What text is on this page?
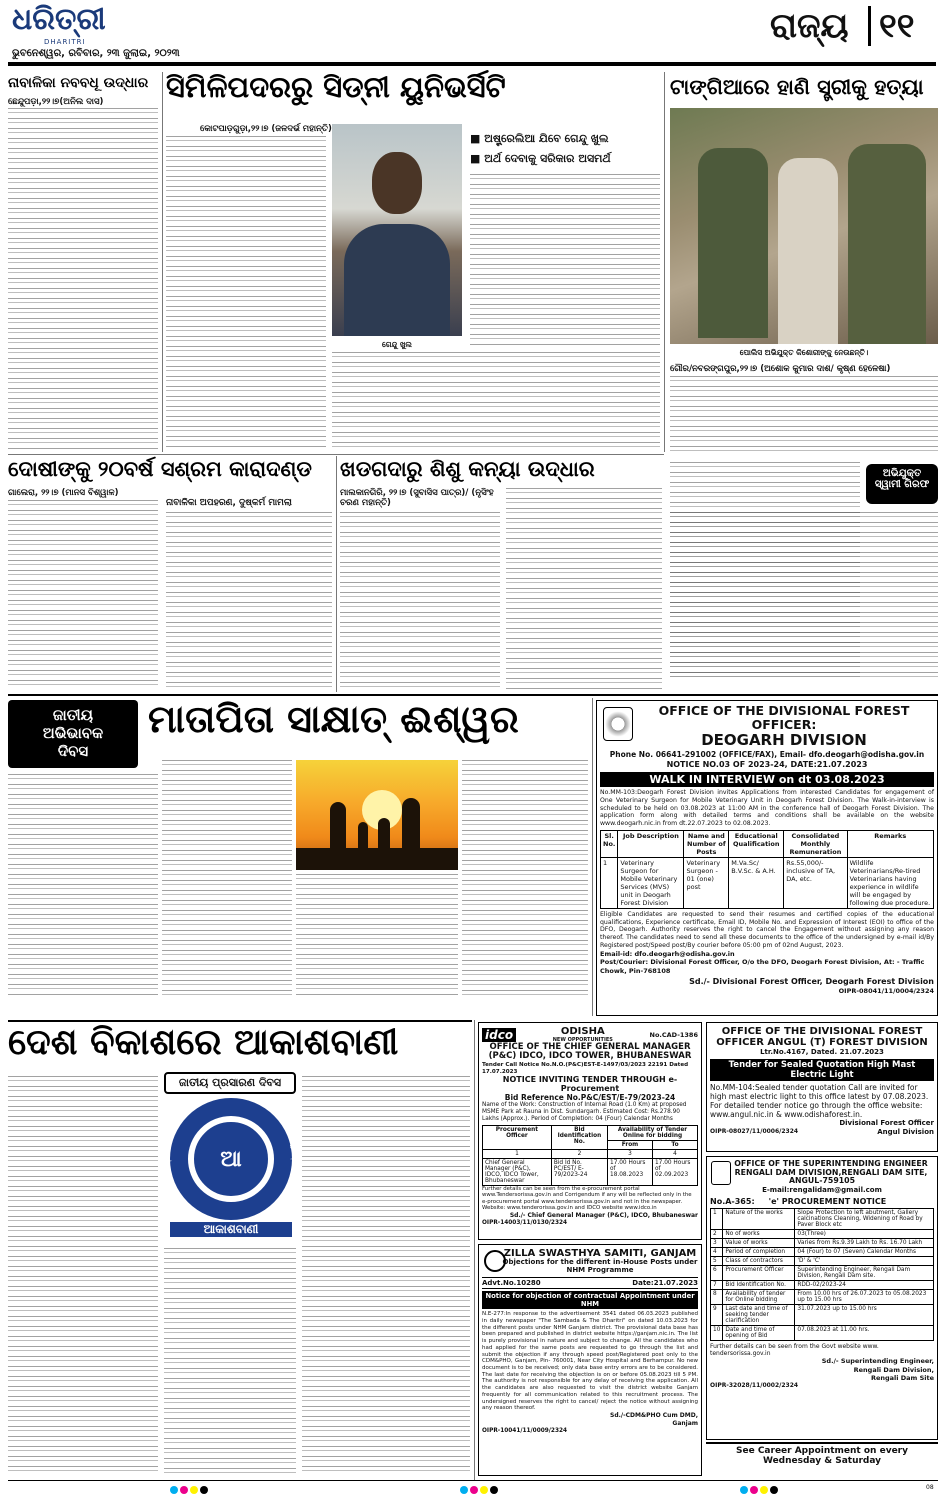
ଧରିତ୍ରୀ
DHARITRI
ଭୁବନେଶ୍ୱର, ରବିବାର, ୨୩ ଜୁଲାଇ, ୨୦୨୩
ରାଜ୍ୟ ୧୧
ନାବାଳିକା ନବବଧୂ ଉଦ୍ଧାର
ଛେନ୍ଦୁପଡ଼ା,୨୨।୭(ଅନିଲ ଦାସ)	ସିମିଳିପଦରରୁ ସିଡ୍‌ନୀ ୟୁନିଭର୍ସିଟି
କୋଟପାଡ଼ଗୁଡ଼ା,୨୨।୭ (ଜଳଦର୍ଭ ମହାନ୍ତି)
ଗେନ୍ଦୁ ଖୁଲ
■ ଅଷ୍ଟ୍ରେଲିଆ ଯିବେ ଗେନ୍ଦୁ ଖୁଲ
■ ଅର୍ଥ ଦେବାକୁ ସରିକାର ଅସମର୍ଥ
ଟାଙ୍ଗିଆରେ ହାଣି ସ୍ତ୍ରୀକୁ ହତ୍ୟା
ପୋଲିସ ଅଭିଯୁକ୍ତ କିଶୋରୀଙ୍କୁ ନେଉଛନ୍ତି।
ଗୌର/ନବରଙ୍ଗପୁର,୨୨।୭ (ଅଶୋକ କୁମାର ଦାଶ/ କୃଷ୍ଣ ହେଳେଷା)
ଅଭିଯୁକ୍ତ
ସ୍ୱାମୀ ଗିରଫ
ଦୋଷୀଙ୍କୁ ୨୦ବର୍ଷ ସଶ୍ରମ କାରାଦଣ୍ଡ
ଗାଲେରା, ୨୨।୭ (ମାନସ ବିଶ୍ୱାଳ)
ନାବାଳିକା ଅପହରଣ, ଦୁଷ୍କର୍ମ ମାମଲା
ଖଡଗଦାରୁ ଶିଶୁ କନ୍ୟା ଉଦ୍ଧାର
ମାଲକାନଗିରି, ୨୨।୭ (ସୁବାସିସ ପାତ୍ର)/ (ନୃସିଂହ ଚରଣ ମହାନ୍ତି)
ଜାତୀୟ
ଅଭିଭାବକ
ଦିବସ
ମାତାପିତା ସାକ୍ଷାତ୍ ଈଶ୍ୱର	OFFICE OF THE DIVISIONAL FOREST OFFICER:
DEOGARH DIVISION
Phone No. 06641-291002 (OFFICE/FAX), Email- dfo.deogarh@odisha.gov.in
NOTICE NO.03 OF 2023-24, DATE:21.07.2023
WALK IN INTERVIEW on dt 03.08.2023
No.MM-103:Deogarh Forest Division invites Applications from interested Candidates for engagement of One Veterinary Surgeon for Mobile Veterinary Unit in Deogarh Forest Division. The Walk-in-interview is scheduled to be held on 03.08.2023 at 11:00 AM in the conference hall of Deogarh Forest Division. The application form along with detailed terms and conditions shall be available on the website www.deogarh.nic.in from dt.22.07.2023 to 02.08.2023.
Sl. No.	Job Description	Name and Number of Posts	Educational Qualification	Consolidated Monthly Remuneration	Remarks
1	Veterinary Surgeon for Mobile Veterinary Services (MVS) unit in Deogarh Forest Division	Veterinary Surgeon - 01 (one) post	M.Va.Sc/ B.V.Sc. & A.H.	Rs.55,000/- inclusive of TA, DA, etc.	Wildlife Veterinarians/Re-tired Veterinarians having experience in wildlife will be engaged by following due procedure.
Eligible Candidates are requested to send their resumes and certified copies of the educational qualifications, Experience certificate, Email ID, Mobile No. and Expression of Interest (EOI) to office of the DFO, Deogarh. Authority reserves the right to cancel the Engagement without assigning any reason thereof. The candidates need to send all these documents to the office of the undersigned by e-mail id/By Registered post/Speed post/By courier before 05:00 pm of 02nd August, 2023.
Email-id: dfo.deogarh@odisha.gov.in
Post/Courier: Divisional Forest Officer, O/o the DFO, Deogarh Forest Division, At: - Traffic Chowk, Pin-768108
Sd./- Divisional Forest Officer, Deogarh Forest Division
OIPR-08041/11/0004/2324
ଦେଶ ବିକାଶରେ ଆକାଶବାଣୀ
ଜାତୀୟ ପ୍ରସାରଣ ଦିବସ
ଆ
ବହୁଜନ ହିତାୟ
ବହୁଜନ ସୁଖାୟ
ଆକାଶବାଣୀ
idco	ODISHA
NEW OPPORTUNITIES
No.CAD-1386
OFFICE OF THE CHIEF GENERAL MANAGER (P&C) IDCO, IDCO TOWER, BHUBANESWAR
Tender Call Notice No.N.O.(P&C)EST-E-1497/03/2023 22191 Dated 17.07.2023
NOTICE INVITING TENDER THROUGH e-Procurement
Bid Reference No.P&C/EST/E-79/2023-24
Name of the Work: Construction of Internal Road (1.0 Km) at proposed MSME Park at Rauna in Dist. Sundargarh. Estimated Cost: Rs.278.90 Lakhs (Approx.). Period of Completion: 04 (Four) Calendar Months
Procurement Officer	Bid Identification No.	Availability of Tender Online for bidding	
		From	To
1	2	3	4
Chief General Manager (P&C), IDCO, IDCO Tower, Bhubaneswar	Bid Id No. PC/EST/ E-79/2023-24	17.00 Hours of 18.08.2023	17.00 Hours of 02.09.2023
Further details can be seen from the e-procurement portal www.Tendersorissa.gov.in and Corrigendum if any will be reflected only in the e-procurement portal www.tendersorissa.gov.in and not in the newspaper. Website: www.tenderorissa.gov.in and IDCO website www.idco.in
Sd./- Chief General Manager (P&C), IDCO, Bhubaneswar
OIPR-14003/11/0130/2324
ZILLA SWASTHYA SAMITI, GANJAM
Objections for the different in-House Posts under NHM Programme
Advt.No.10280	Date:21.07.2023
Notice for objection of contractual Appointment under NHM
N.E-277:In response to the advertisement 3541 dated 06.03.2023 published in daily newspaper "The Sambada & The Dharitri" on dated 10.03.2023 for the different posts under NHM Ganjam district. The provisional data base has been prepared and published in district website https://ganjam.nic.in. The list is purely provisional in nature and subject to change. All the candidates who had applied for the same posts are requested to go through the list and submit the objection if any through speed post/Registered post only to the CDM&PHO, Ganjam, Pin- 760001, Near City Hospital and Berhampur. No new document is to be received; only data base entry errors are to be considered. The last date for receiving the objection is on or before 05.08.2023 till 5 PM. The authority is not responsible for any delay of receiving the application. All the candidates are also requested to visit the district website Ganjam frequently for all communication related to this recruitment process. The undersigned reserves the right to cancel/ reject the notice without assigning any reason thereof.
Sd./-CDM&PHO Cum DMD,
Ganjam
OIPR-10041/11/0009/2324
OFFICE OF THE DIVISIONAL FOREST OFFICER ANGUL (T) FOREST DIVISION
Ltr.No.4167, Dated. 21.07.2023
Tender for Sealed Quotation High Mast Electric Light
No.MM-104:Sealed tender quotation Call are invited for high mast electric light to this office latest by 07.08.2023. For detailed tender notice go through the office website: www.angul.nic.in & www.odishaforest.in.
Divisional Forest Officer
OIPR-08027/11/0006/2324	Angul Division
OFFICE OF THE SUPERINTENDING ENGINEER
RENGALI DAM DIVISION,RENGALI DAM SITE,
ANGUL-759105
E-mail:rengalidam@gmail.com
No.A-365: 'e' PROCUREMENT NOTICE
1	Nature of the works	Slope Protection to left abutment, Gallery calcinations Cleaning, Widening of Road by Paver Block etc
2	No of works	03(Three)
3	Value of works	Varies from Rs.9.39 Lakh to Rs. 16.70 Lakh
4	Period of completion	04 (Four) to 07 (Seven) Calendar Months
5	Class of contractors	'D' & 'C'
6	Procurement Officer	Superintending Engineer, Rengali Dam Division, Rengali Dam site.
7	Bid Identification No.	RDD-02/2023-24
8	Availability of tender for Online bidding	From 10.00 hrs of 26.07.2023 to 05.08.2023 up to 15.00 hrs
9	Last date and time of seeking tender clarification	31.07.2023 up to 15.00 hrs
10	Date and time of opening of Bid	07.08.2023 at 11.00 hrs.
Further details can be seen from the Govt website www. tendersorissa.gov.in
Sd./- Superintending Engineer,
Rengali Dam Division,
Rengali Dam Site
OIPR-32028/11/0002/2324
See Career Appointment on every
Wednesday & Saturday
08
